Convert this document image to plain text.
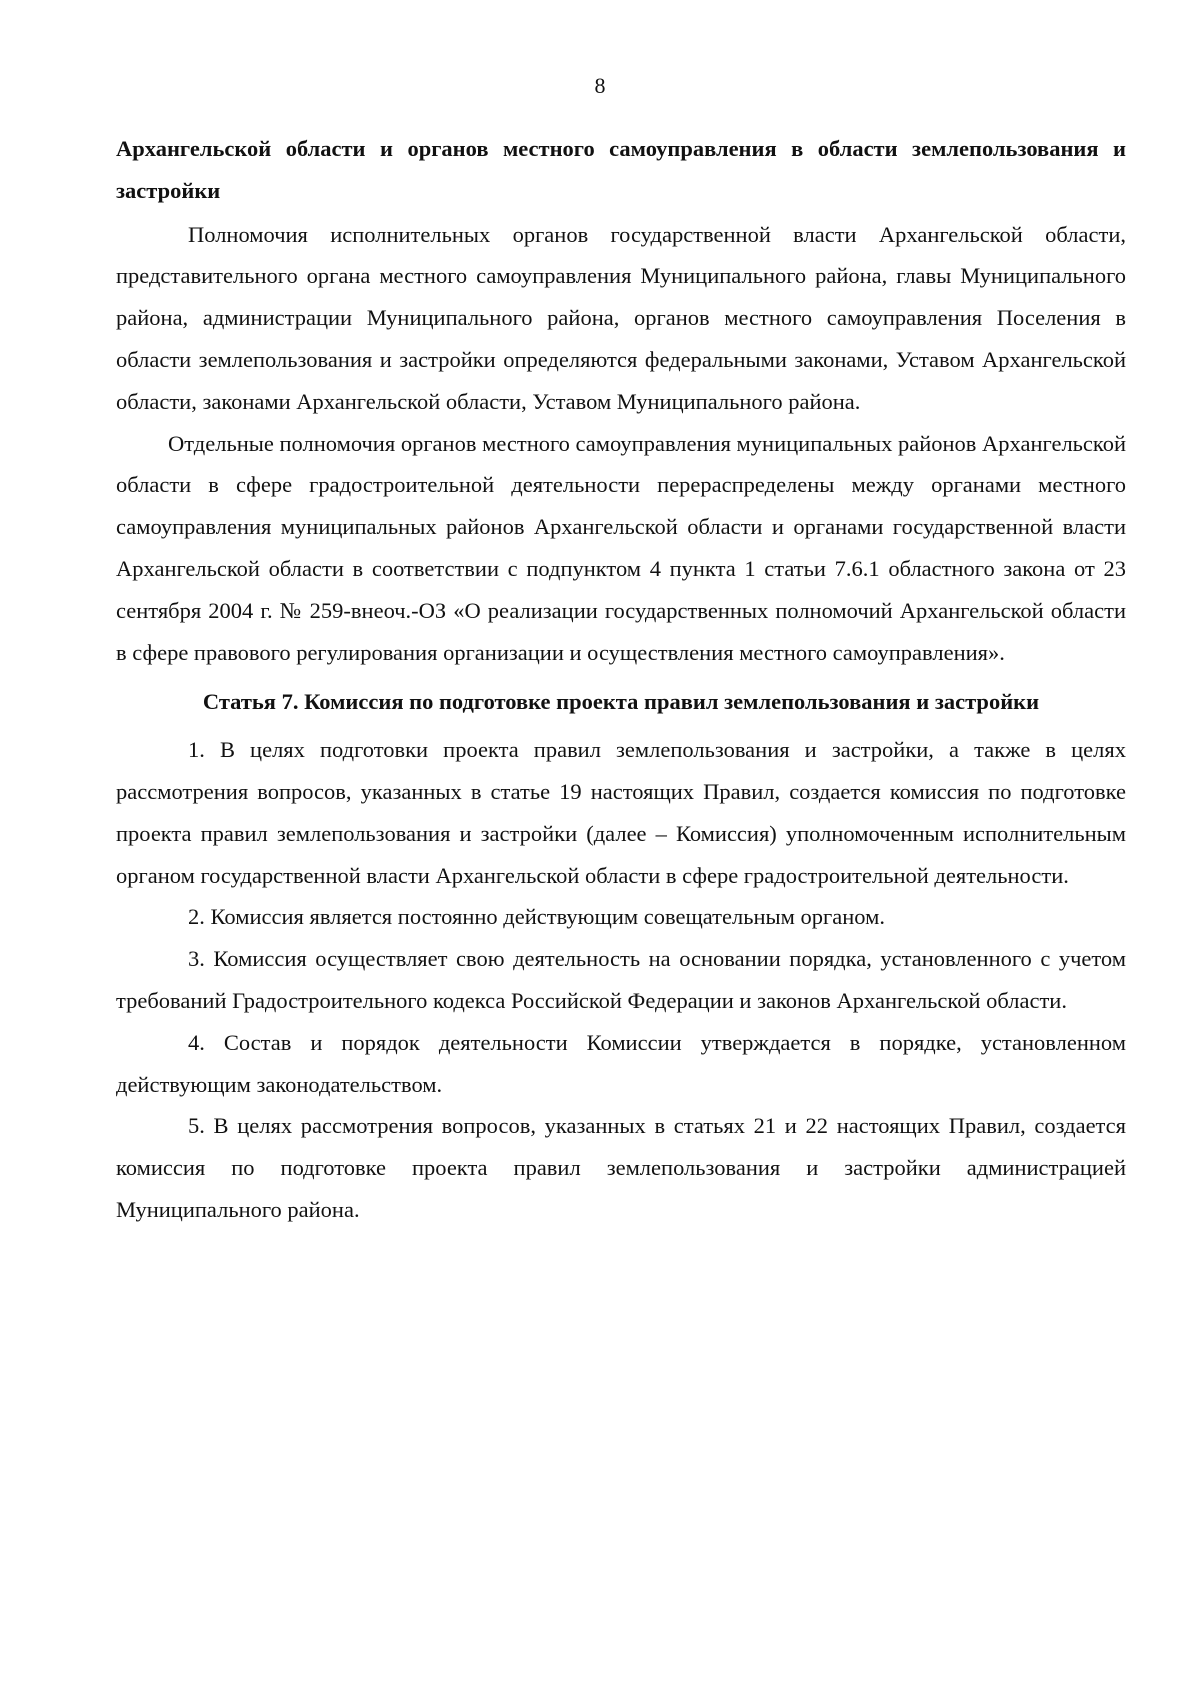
8

Архангельской области и органов местного самоуправления в области землепользования и застройки

Полномочия исполнительных органов государственной власти Архангельской области, представительного органа местного самоуправления Муниципального района, главы Муниципального района, администрации Муниципального района, органов местного самоуправления Поселения в области землепользования и застройки определяются федеральными законами, Уставом Архангельской области, законами Архангельской области, Уставом Муниципального района.

Отдельные полномочия органов местного самоуправления муниципальных районов Архангельской области в сфере градостроительной деятельности перераспределены между органами местного самоуправления муниципальных районов Архангельской области и органами государственной власти Архангельской области в соответствии с подпунктом 4 пункта 1 статьи 7.6.1 областного закона от 23 сентября 2004 г. № 259-внеоч.-ОЗ «О реализации государственных полномочий Архангельской области в сфере правового регулирования организации и осуществления местного самоуправления».

Статья 7. Комиссия по подготовке проекта правил землепользования и застройки

1. В целях подготовки проекта правил землепользования и застройки, а также в целях рассмотрения вопросов, указанных в статье 19 настоящих Правил, создается комиссия по подготовке проекта правил землепользования и застройки (далее – Комиссия) уполномоченным исполнительным органом государственной власти Архангельской области в сфере градостроительной деятельности.

2. Комиссия является постоянно действующим совещательным органом.

3. Комиссия осуществляет свою деятельность на основании порядка, установленного с учетом требований Градостроительного кодекса Российской Федерации и законов Архангельской области.

4. Состав и порядок деятельности Комиссии утверждается в порядке, установленном действующим законодательством.

5. В целях рассмотрения вопросов, указанных в статьях 21 и 22 настоящих Правил, создается комиссия по подготовке проекта правил землепользования и застройки администрацией Муниципального района.
